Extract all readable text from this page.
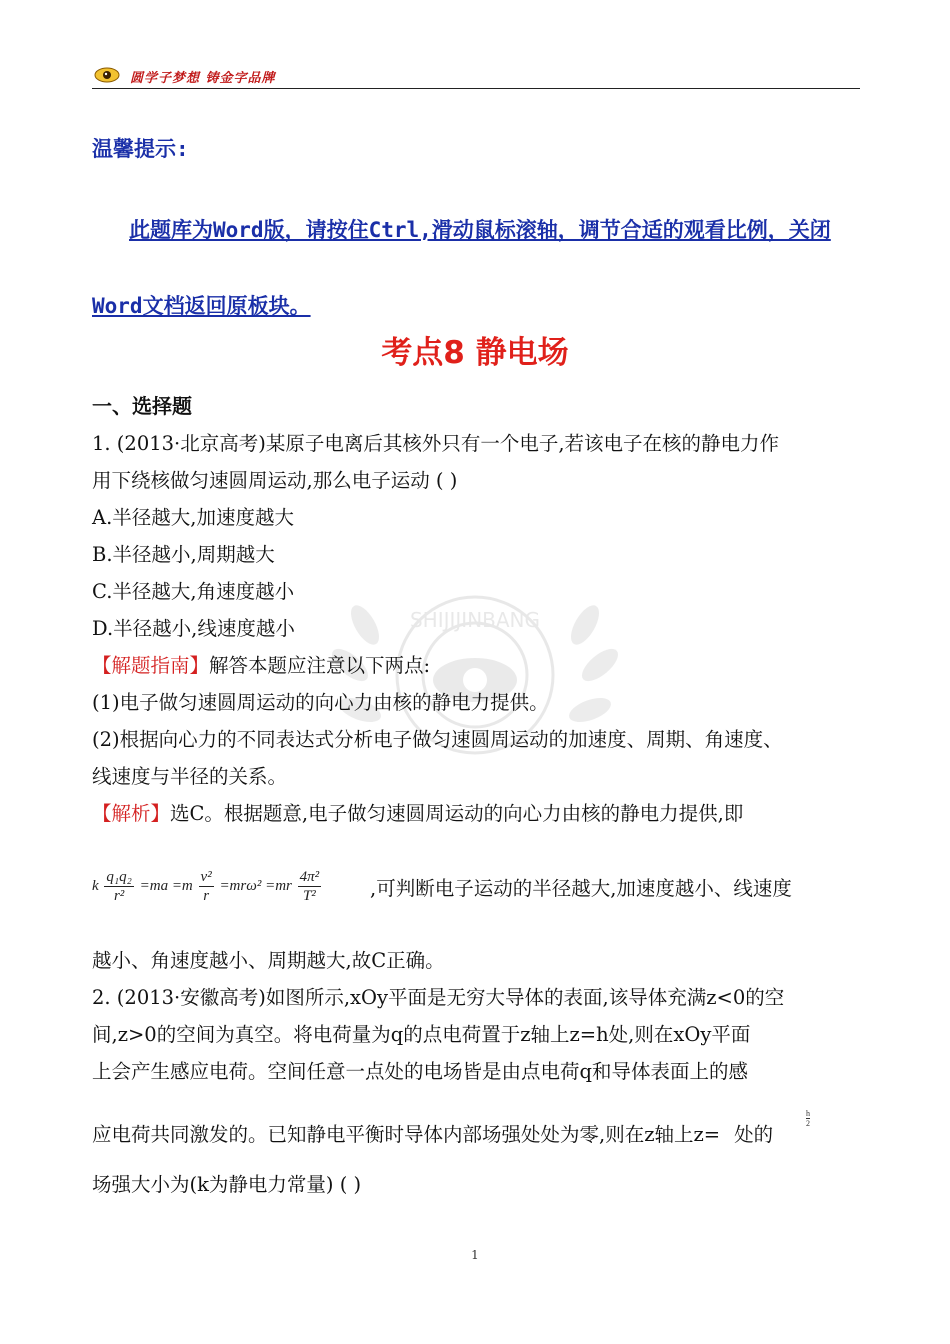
圆学子梦想 铸金字品牌
温馨提示:
此题库为Word版，请按住Ctrl,滑动鼠标滚轴，调节合适的观看比例，关闭Word文档返回原板块。
考点8 静电场
一、选择题
SHIJIJINBANG
1. (2013·北京高考)某原子电离后其核外只有一个电子,若该电子在核的静电力作
用下绕核做匀速圆周运动,那么电子运动 ( )
A.半径越大,加速度越大
B.半径越小,周期越大
C.半径越大,角速度越小
D.半径越小,线速度越小
【解题指南】解答本题应注意以下两点:
(1)电子做匀速圆周运动的向心力由核的静电力提供。
(2)根据向心力的不同表达式分析电子做匀速圆周运动的加速度、周期、角速度、
线速度与半径的关系。
【解析】选C。根据题意,电子做匀速圆周运动的向心力由核的静电力提供,即
k $\frac{\text{q₁q₂}}{\text{r²}} =ma =m \frac{\text{v²}}{r} =mr\omega^2 =mr \frac{\text{4π²}}{\text{T²}}$	,可判断电子运动的半径越大,加速度越小、线速度
越小、角速度越小、周期越大,故C正确。
2. (2013·安徽高考)如图所示,xOy平面是无穷大导体的表面,该导体充满z<0的空
间,z>0的空间为真空。将电荷量为q的点电荷置于z轴上z=h处,则在xOy平面
上会产生感应电荷。空间任意一点处的电场皆是由点电荷q和导体表面上的感
应电荷共同激发的。已知静电平衡时导体内部场强处处为零,则在z轴上z= 处的
$\frac{h}{2}$
场强大小为(k为静电力常量) ( )
1
